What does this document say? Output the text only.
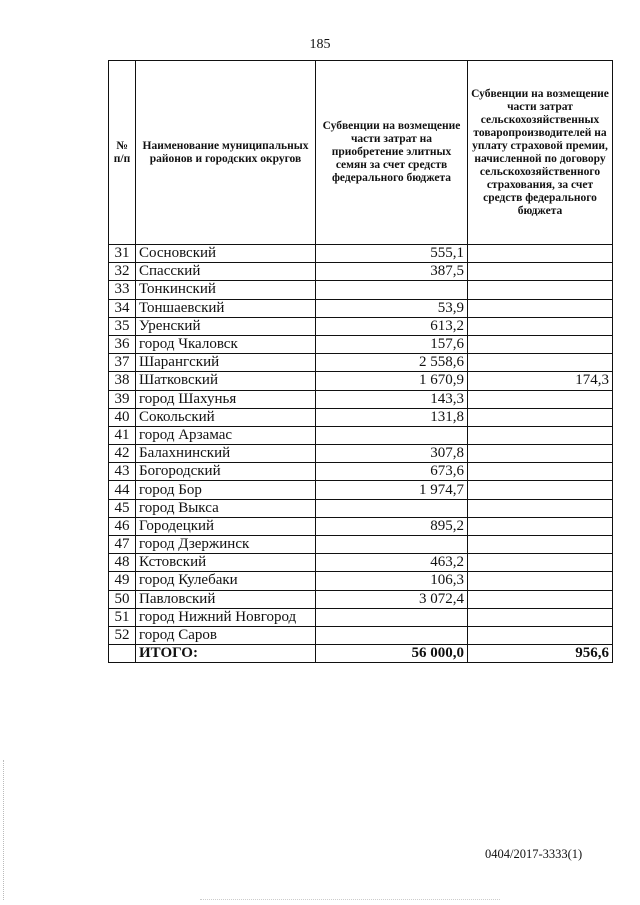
185
№ п/п	Наименование муниципальных районов и городских округов	Субвенции на возмещение части затрат на приобретение элитных семян за счет средств федерального бюджета	Субвенции на возмещение части затрат сельскохозяйственных товаропроизводителей на уплату страховой премии, начисленной по договору сельскохозяйственного страхования, за счет средств федерального бюджета
31	Сосновский	555,1	
32	Спасский	387,5	
33	Тонкинский		
34	Тоншаевский	53,9	
35	Уренский	613,2	
36	город Чкаловск	157,6	
37	Шарангский	2 558,6	
38	Шатковский	1 670,9	174,3
39	город Шахунья	143,3	
40	Сокольский	131,8	
41	город Арзамас		
42	Балахнинский	307,8	
43	Богородский	673,6	
44	город Бор	1 974,7	
45	город Выкса		
46	Городецкий	895,2	
47	город Дзержинск		
48	Кстовский	463,2	
49	город Кулебаки	106,3	
50	Павловский	3 072,4	
51	город Нижний Новгород		
52	город Саров		
	ИТОГО:	56 000,0	956,6
0404/2017-3333(1)
